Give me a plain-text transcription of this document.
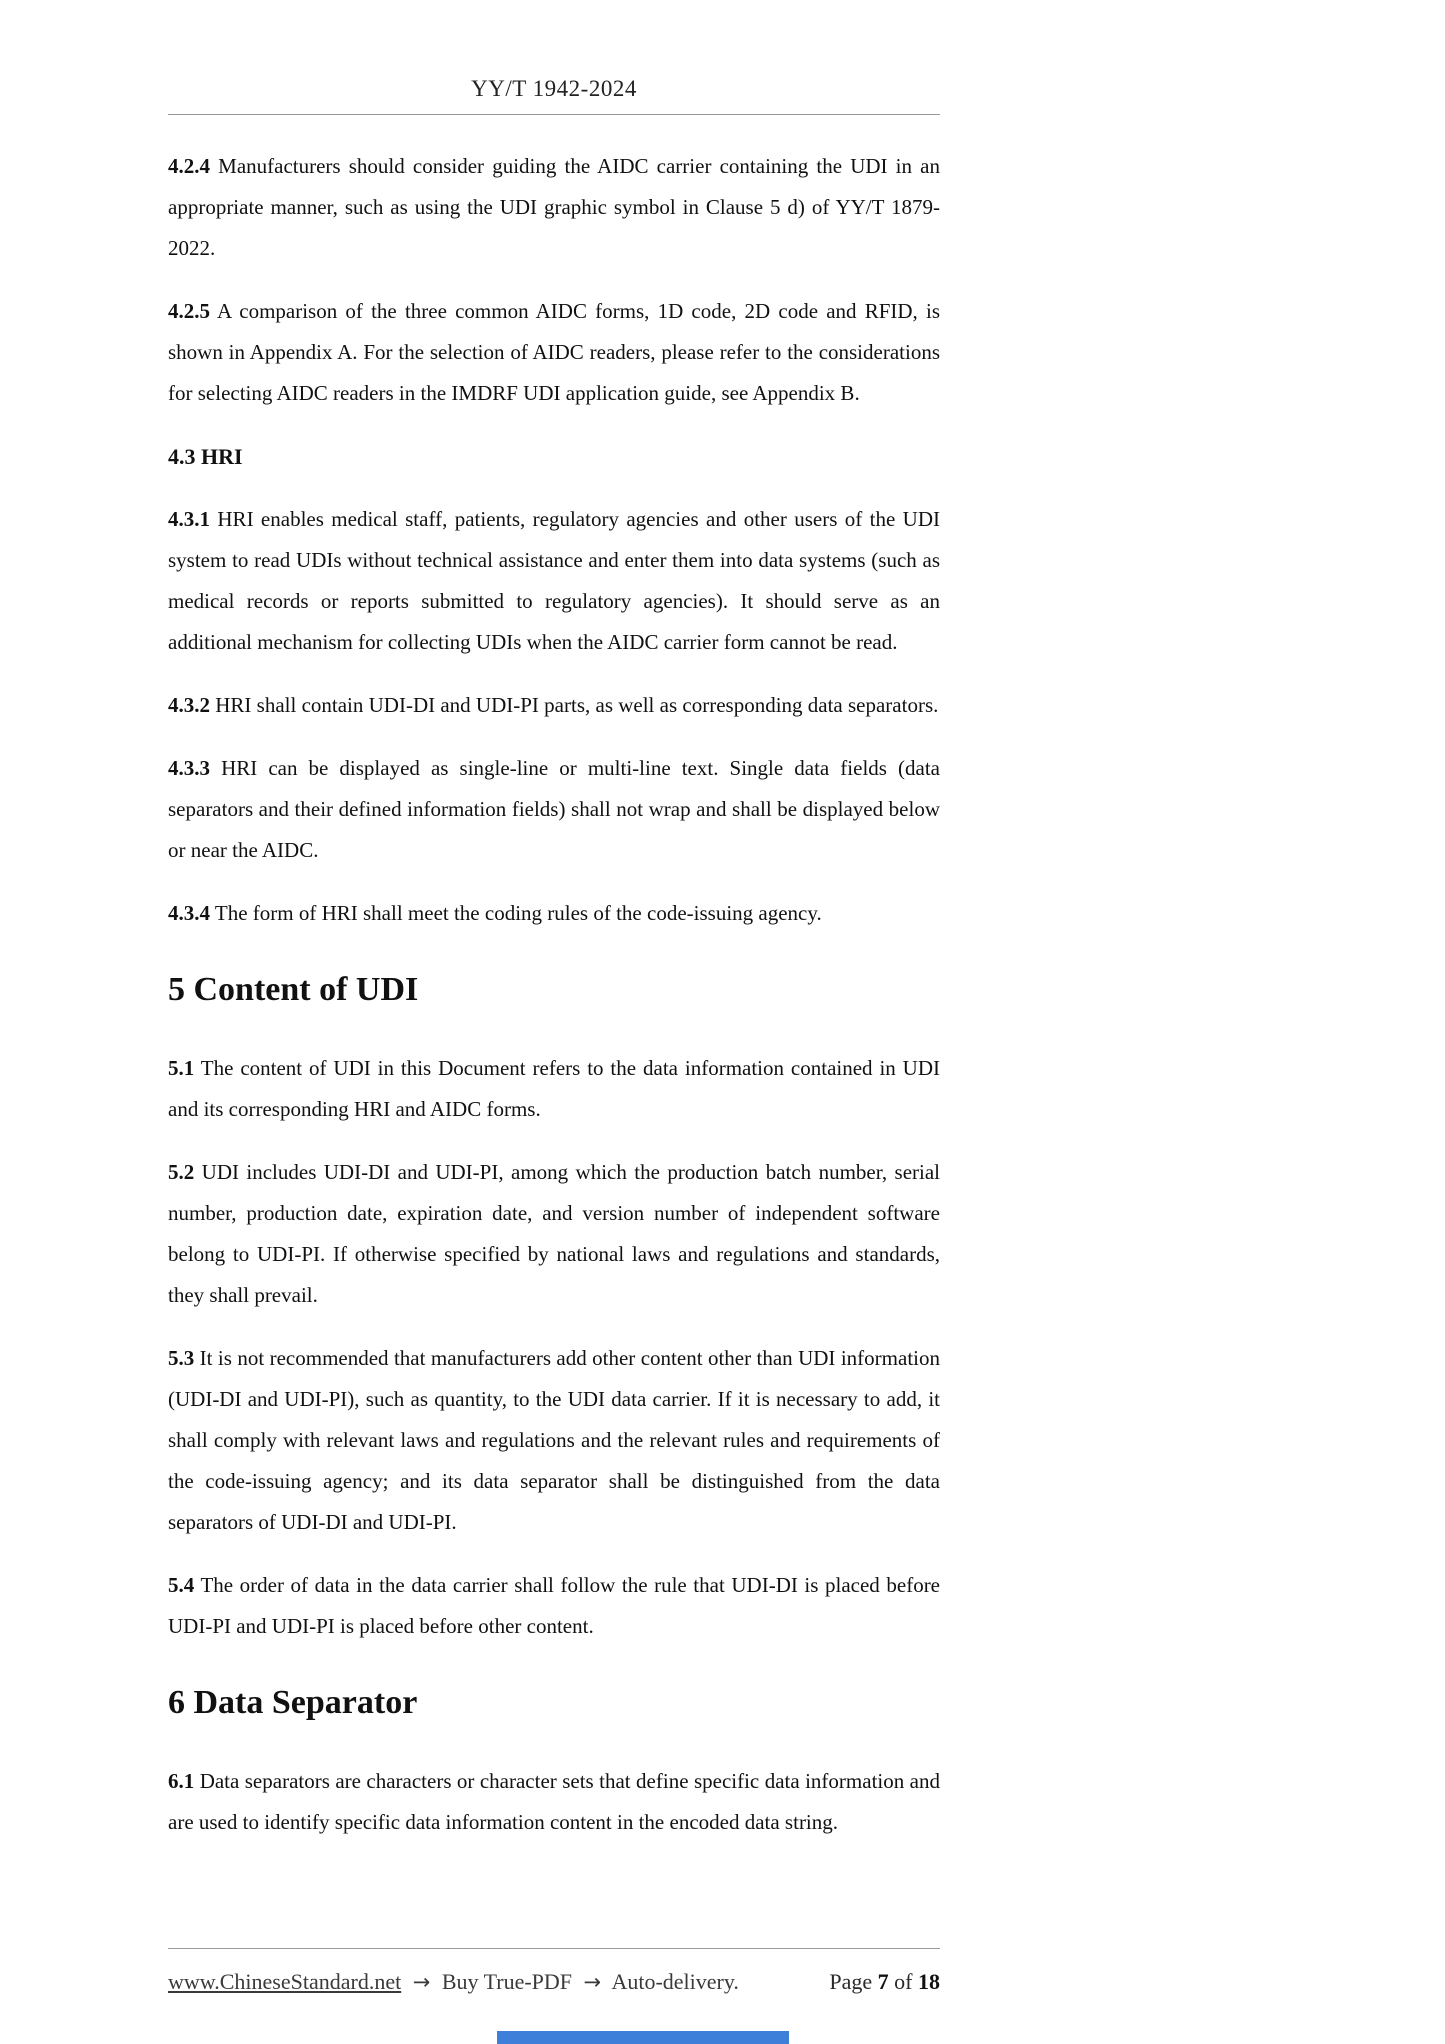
YY/T 1942-2024

4.2.4 Manufacturers should consider guiding the AIDC carrier containing the UDI in an appropriate manner, such as using the UDI graphic symbol in Clause 5 d) of YY/T 1879-2022.

4.2.5 A comparison of the three common AIDC forms, 1D code, 2D code and RFID, is shown in Appendix A. For the selection of AIDC readers, please refer to the considerations for selecting AIDC readers in the IMDRF UDI application guide, see Appendix B.

4.3 HRI

4.3.1 HRI enables medical staff, patients, regulatory agencies and other users of the UDI system to read UDIs without technical assistance and enter them into data systems (such as medical records or reports submitted to regulatory agencies). It should serve as an additional mechanism for collecting UDIs when the AIDC carrier form cannot be read.

4.3.2 HRI shall contain UDI-DI and UDI-PI parts, as well as corresponding data separators.

4.3.3 HRI can be displayed as single-line or multi-line text. Single data fields (data separators and their defined information fields) shall not wrap and shall be displayed below or near the AIDC.

4.3.4 The form of HRI shall meet the coding rules of the code-issuing agency.

5 Content of UDI

5.1 The content of UDI in this Document refers to the data information contained in UDI and its corresponding HRI and AIDC forms.

5.2 UDI includes UDI-DI and UDI-PI, among which the production batch number, serial number, production date, expiration date, and version number of independent software belong to UDI-PI. If otherwise specified by national laws and regulations and standards, they shall prevail.

5.3 It is not recommended that manufacturers add other content other than UDI information (UDI-DI and UDI-PI), such as quantity, to the UDI data carrier. If it is necessary to add, it shall comply with relevant laws and regulations and the relevant rules and requirements of the code-issuing agency; and its data separator shall be distinguished from the data separators of UDI-DI and UDI-PI.

5.4 The order of data in the data carrier shall follow the rule that UDI-DI is placed before UDI-PI and UDI-PI is placed before other content.

6 Data Separator

6.1 Data separators are characters or character sets that define specific data information and are used to identify specific data information content in the encoded data string.

www.ChineseStandard.net → Buy True-PDF → Auto-delivery.	Page 7 of 18
